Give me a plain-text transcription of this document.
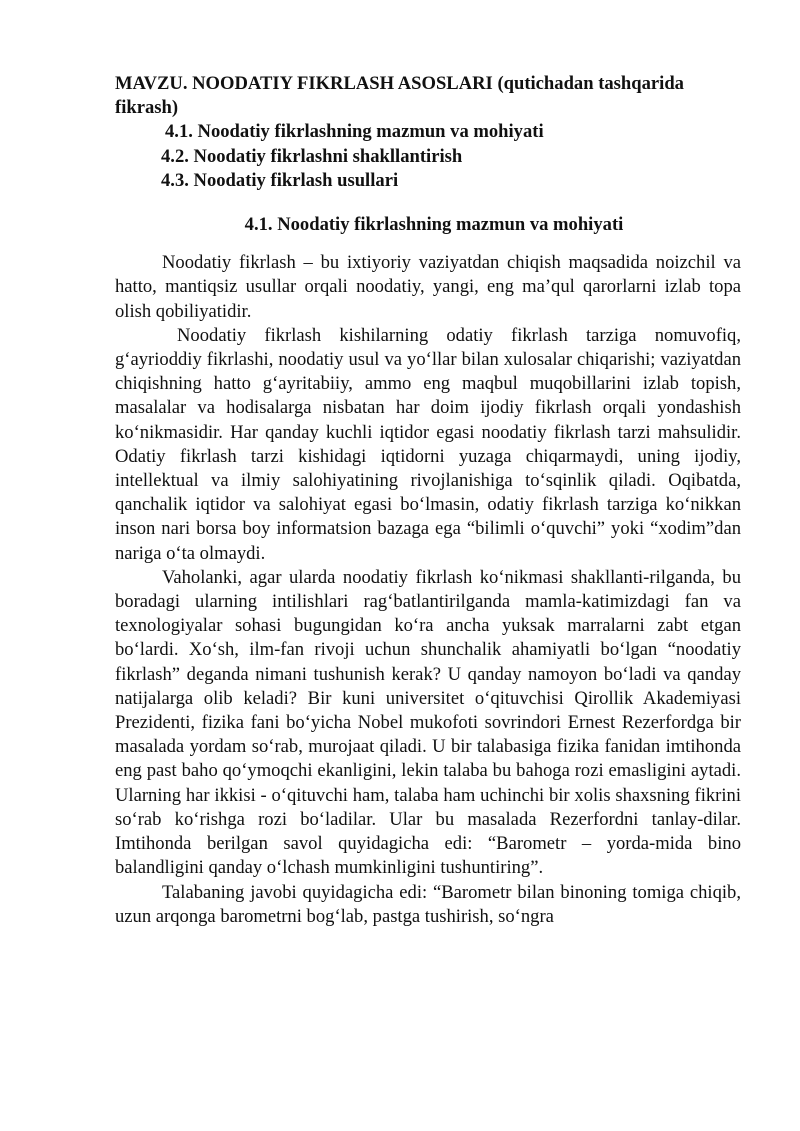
MAVZU. NOODATIY FIKRLASH ASOSLARI (qutichadan tashqarida fikrash)

4.1. Noodatiy fikrlashning mazmun va mohiyati
4.2. Noodatiy fikrlashni shakllantirish
4.3. Noodatiy fikrlash usullari
4.1. Noodatiy fikrlashning mazmun va mohiyati

Noodatiy fikrlash – bu ixtiyoriy vaziyatdan chiqish maqsadida noizchil va hatto, mantiqsiz usullar orqali noodatiy, yangi, eng ma’qul qarorlarni izlab topa olish qobiliyatidir.

Noodatiy fikrlash kishilarning odatiy fikrlash tarziga nomuvofiq, g‘ayrioddiy fikrlashi, noodatiy usul va yo‘llar bilan xulosalar chiqarishi; vaziyatdan chiqishning hatto g‘ayritabiiy, ammo eng maqbul muqobillarini izlab topish, masalalar va hodisalarga nisbatan har doim ijodiy fikrlash orqali yondashish ko‘nikmasidir. Har qanday kuchli iqtidor egasi noodatiy fikrlash tarzi mahsulidir. Odatiy fikrlash tarzi kishidagi iqtidorni yuzaga chiqarmaydi, uning ijodiy, intellektual va ilmiy salohiyatining rivojlanishiga to‘sqinlik qiladi. Oqibatda, qanchalik iqtidor va salohiyat egasi bo‘lmasin, odatiy fikrlash tarziga ko‘nikkan inson nari borsa boy informatsion bazaga ega “bilimli o‘quvchi” yoki “xodim”dan nariga o‘ta olmaydi.

Vaholanki, agar ularda noodatiy fikrlash ko‘nikmasi shakllanti-rilganda, bu boradagi ularning intilishlari rag‘batlantirilganda mamla-katimizdagi fan va texnologiyalar sohasi bugungidan ko‘ra ancha yuksak marralarni zabt etgan bo‘lardi. Xo‘sh, ilm-fan rivoji uchun shunchalik ahamiyatli bo‘lgan “noodatiy fikrlash” deganda nimani tushunish kerak? U qanday namoyon bo‘ladi va qanday natijalarga olib keladi? Bir kuni universitet o‘qituvchisi Qirollik Akademiyasi Prezidenti, fizika fani bo‘yicha Nobel mukofoti sovrindori Ernest Rezerfordga bir masalada yordam so‘rab, murojaat qiladi. U bir talabasiga fizika fanidan imtihonda eng past baho qo‘ymoqchi ekanligini, lekin talaba bu bahoga rozi emasligini aytadi. Ularning har ikkisi - o‘qituvchi ham, talaba ham uchinchi bir xolis shaxsning fikrini so‘rab ko‘rishga rozi bo‘ladilar. Ular bu masalada Rezerfordni tanlay-dilar. Imtihonda berilgan savol quyidagicha edi: “Barometr – yorda-mida bino balandligini qanday o‘lchash mumkinligini tushuntiring”.

Talabaning javobi quyidagicha edi: “Barometr bilan binoning tomiga chiqib, uzun arqonga barometrni bog‘lab, pastga tushirish, so‘ngra
